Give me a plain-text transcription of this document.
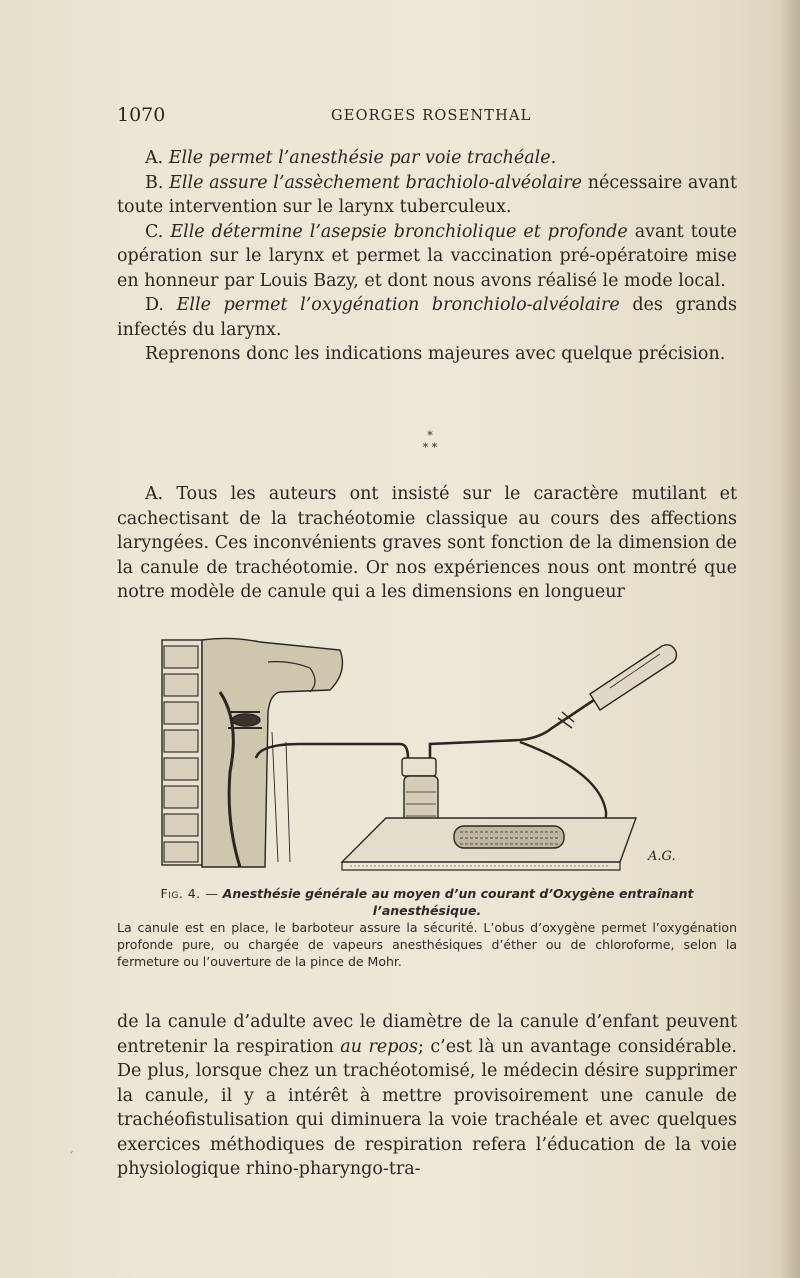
1070	GEORGES ROSENTHAL

A. Elle permet l’anesthésie par voie trachéale.

B. Elle assure l’assèchement brachiolo-alvéolaire nécessaire avant toute intervention sur le larynx tuberculeux.

C. Elle détermine l’asepsie bronchiolique et profonde avant toute opération sur le larynx et permet la vaccination pré-opératoire mise en honneur par Louis Bazy, et dont nous avons réalisé le mode local.

D. Elle permet l’oxygénation bronchiolo-alvéolaire des grands infectés du larynx.

Reprenons donc les indications majeures avec quelque précision.

*
* *

A. Tous les auteurs ont insisté sur le caractère mutilant et cachectisant de la trachéotomie classique au cours des affections laryngées. Ces inconvénients graves sont fonction de la dimension de la canule de trachéotomie. Or nos expériences nous ont montré que notre modèle de canule qui a les dimensions en longueur

A.G.

Fig. 4. — Anesthésie générale au moyen d’un courant d’Oxygène entraînant l’anesthésique.

La canule est en place, le barboteur assure la sécurité. L’obus d’oxygène permet l’oxygénation profonde pure, ou chargée de vapeurs anesthésiques d’éther ou de chloroforme, selon la fermeture ou l’ouverture de la pince de Mohr.

de la canule d’adulte avec le diamètre de la canule d’enfant peuvent entretenir la respiration au repos; c’est là un avantage considérable. De plus, lorsque chez un trachéotomisé, le médecin désire supprimer la canule, il y a intérêt à mettre provisoirement une canule de trachéofistulisation qui diminuera la voie trachéale et avec quelques exercices méthodiques de respiration refera l’éducation de la voie physiologique rhino-pharyngo-tra-

´
